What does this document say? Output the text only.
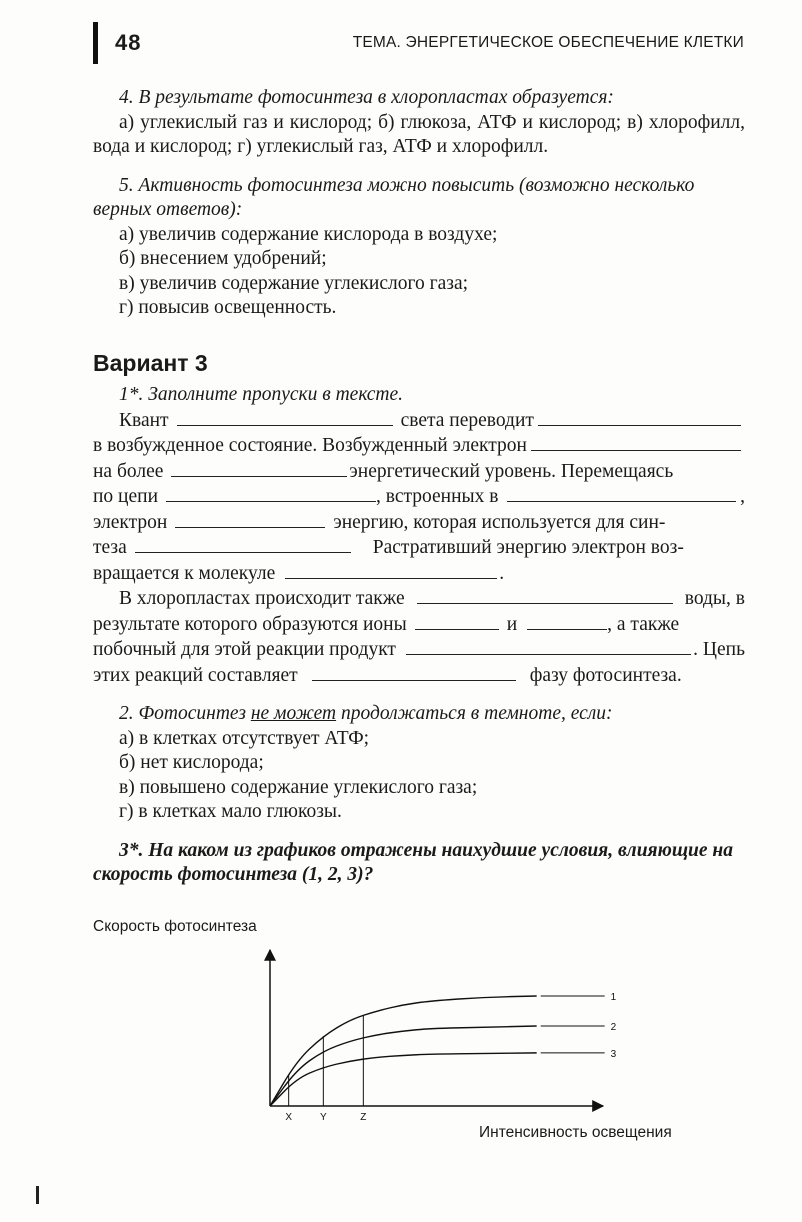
48	ТЕМА. ЭНЕРГЕТИЧЕСКОЕ ОБЕСПЕЧЕНИЕ КЛЕТКИ

4. В результате фотосинтеза в хлоропластах образуется:

а) углекислый газ и кислород; б) глюкоза, АТФ и кислород; в) хлорофилл, вода и кислород; г) углекислый газ, АТФ и хлорофилл.

5. Активность фотосинтеза можно повысить (возможно несколько верных ответов):

а) увеличив содержание кислорода в воздухе;

б) внесением удобрений;

в) увеличив содержание углекислого газа;

г) повысив освещенность.

Вариант 3

1*. Заполните пропуски в тексте.

Квант	света переводит
в возбужденное состояние. Возбужденный электрон
на более	энергетический уровень. Перемещаясь
по цепи	, встроенных в	,
электрон	энергию, которая используется для син-
теза	Растративший энергию электрон воз-
вращается к молекуле	.
В хлоропластах происходит также	воды, в
результате которого образуются ионы	и	, а также
побочный для этой реакции продукт	. Цепь
этих реакций составляет	фазу фотосинтеза.

2. Фотосинтез не может продолжаться в темноте, если:

а) в клетках отсутствует АТФ;

б) нет кислорода;

в) повышено содержание углекислого газа;

г) в клетках мало глюкозы.

3*. На каком из графиков отражены наихудшие условия, влияющие на скорость фотосинтеза (1, 2, 3)?

Скорость фотосинтеза
1
2
3
X	Y	Z
Интенсивность освещения
